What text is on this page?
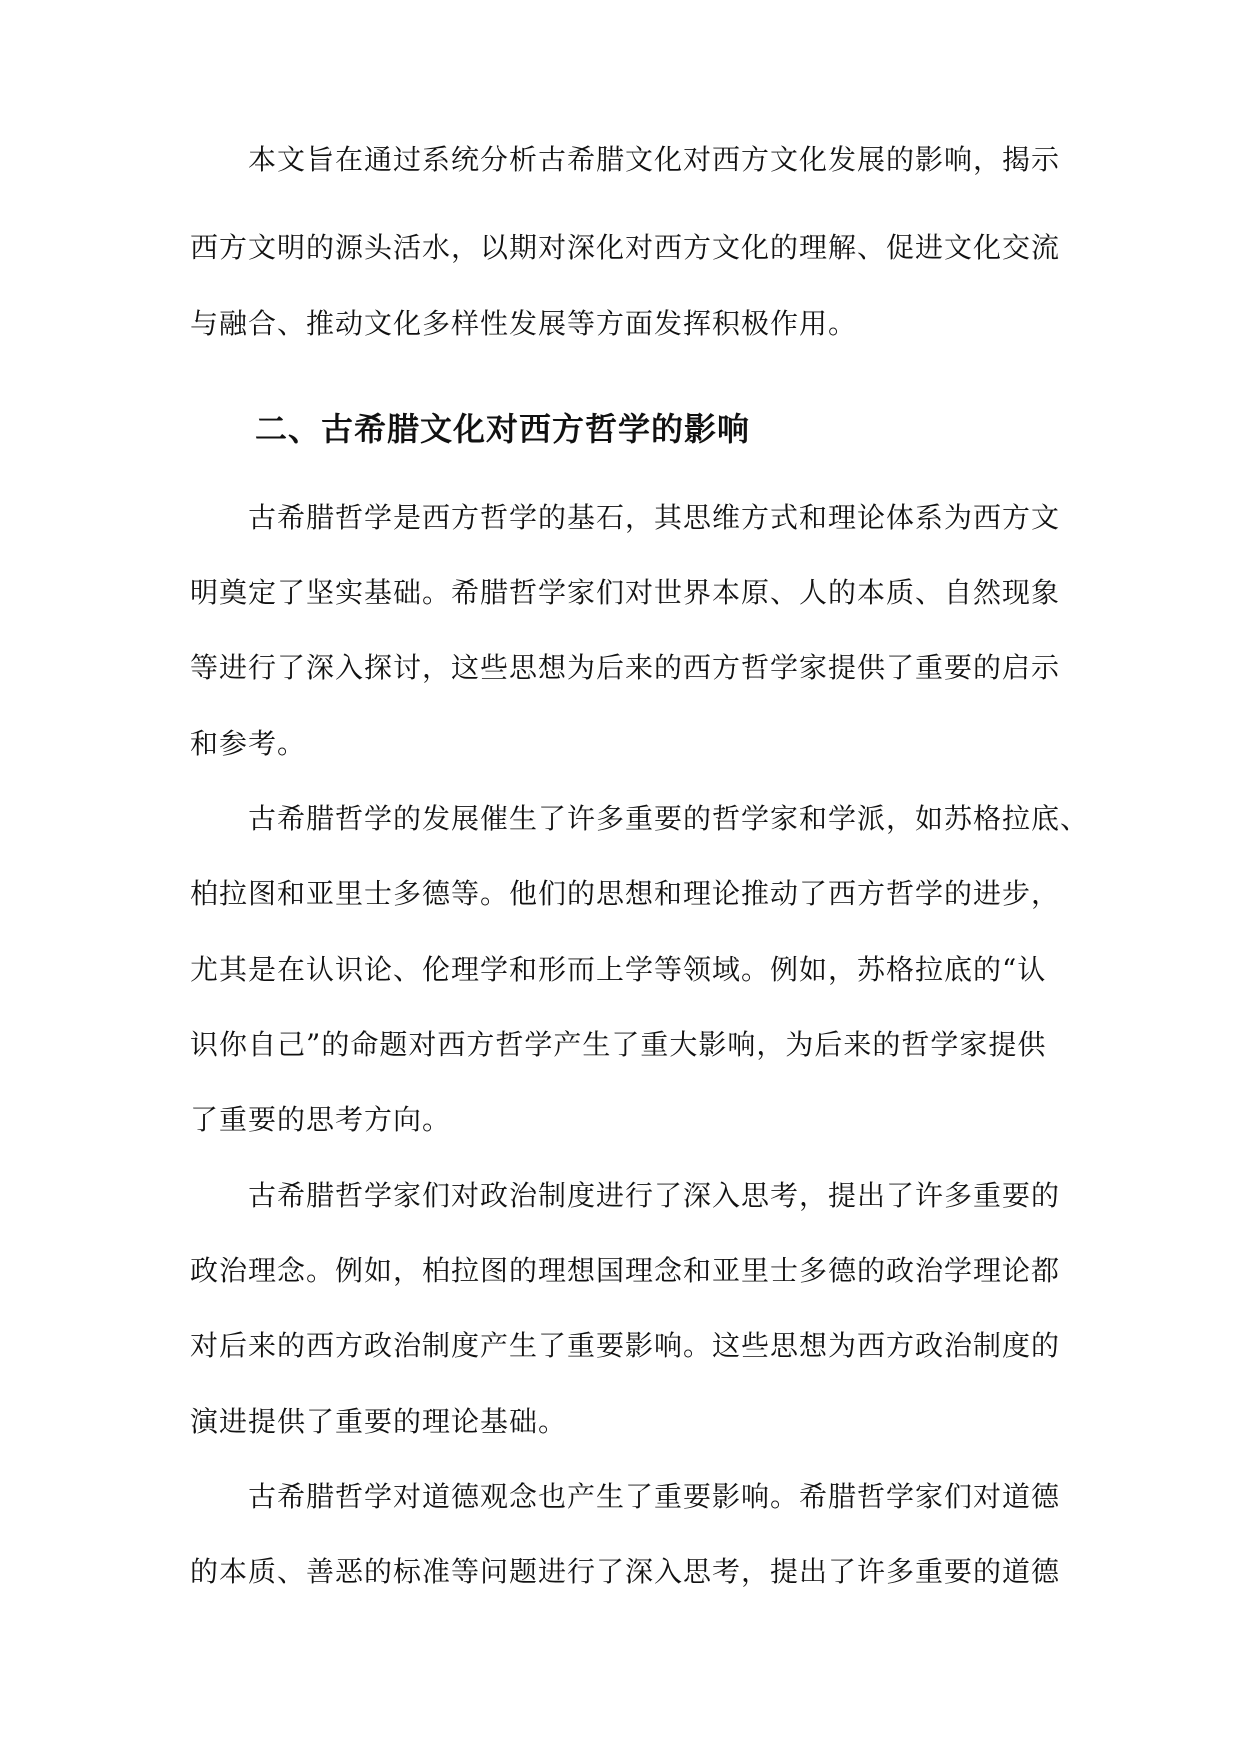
本文旨在通过系统分析古希腊文化对西方文化发展的影响，揭示
西方文明的源头活水，以期对深化对西方文化的理解、促进文化交流
与融合、推动文化多样性发展等方面发挥积极作用。
二、古希腊文化对西方哲学的影响
古希腊哲学是西方哲学的基石，其思维方式和理论体系为西方文
明奠定了坚实基础。希腊哲学家们对世界本原、人的本质、自然现象
等进行了深入探讨，这些思想为后来的西方哲学家提供了重要的启示
和参考。
古希腊哲学的发展催生了许多重要的哲学家和学派，如苏格拉底、
柏拉图和亚里士多德等。他们的思想和理论推动了西方哲学的进步，
尤其是在认识论、伦理学和形而上学等领域。例如，苏格拉底的“认
识你自己”的命题对西方哲学产生了重大影响，为后来的哲学家提供
了重要的思考方向。
古希腊哲学家们对政治制度进行了深入思考，提出了许多重要的
政治理念。例如，柏拉图的理想国理念和亚里士多德的政治学理论都
对后来的西方政治制度产生了重要影响。这些思想为西方政治制度的
演进提供了重要的理论基础。
古希腊哲学对道德观念也产生了重要影响。希腊哲学家们对道德
的本质、善恶的标准等问题进行了深入思考，提出了许多重要的道德
